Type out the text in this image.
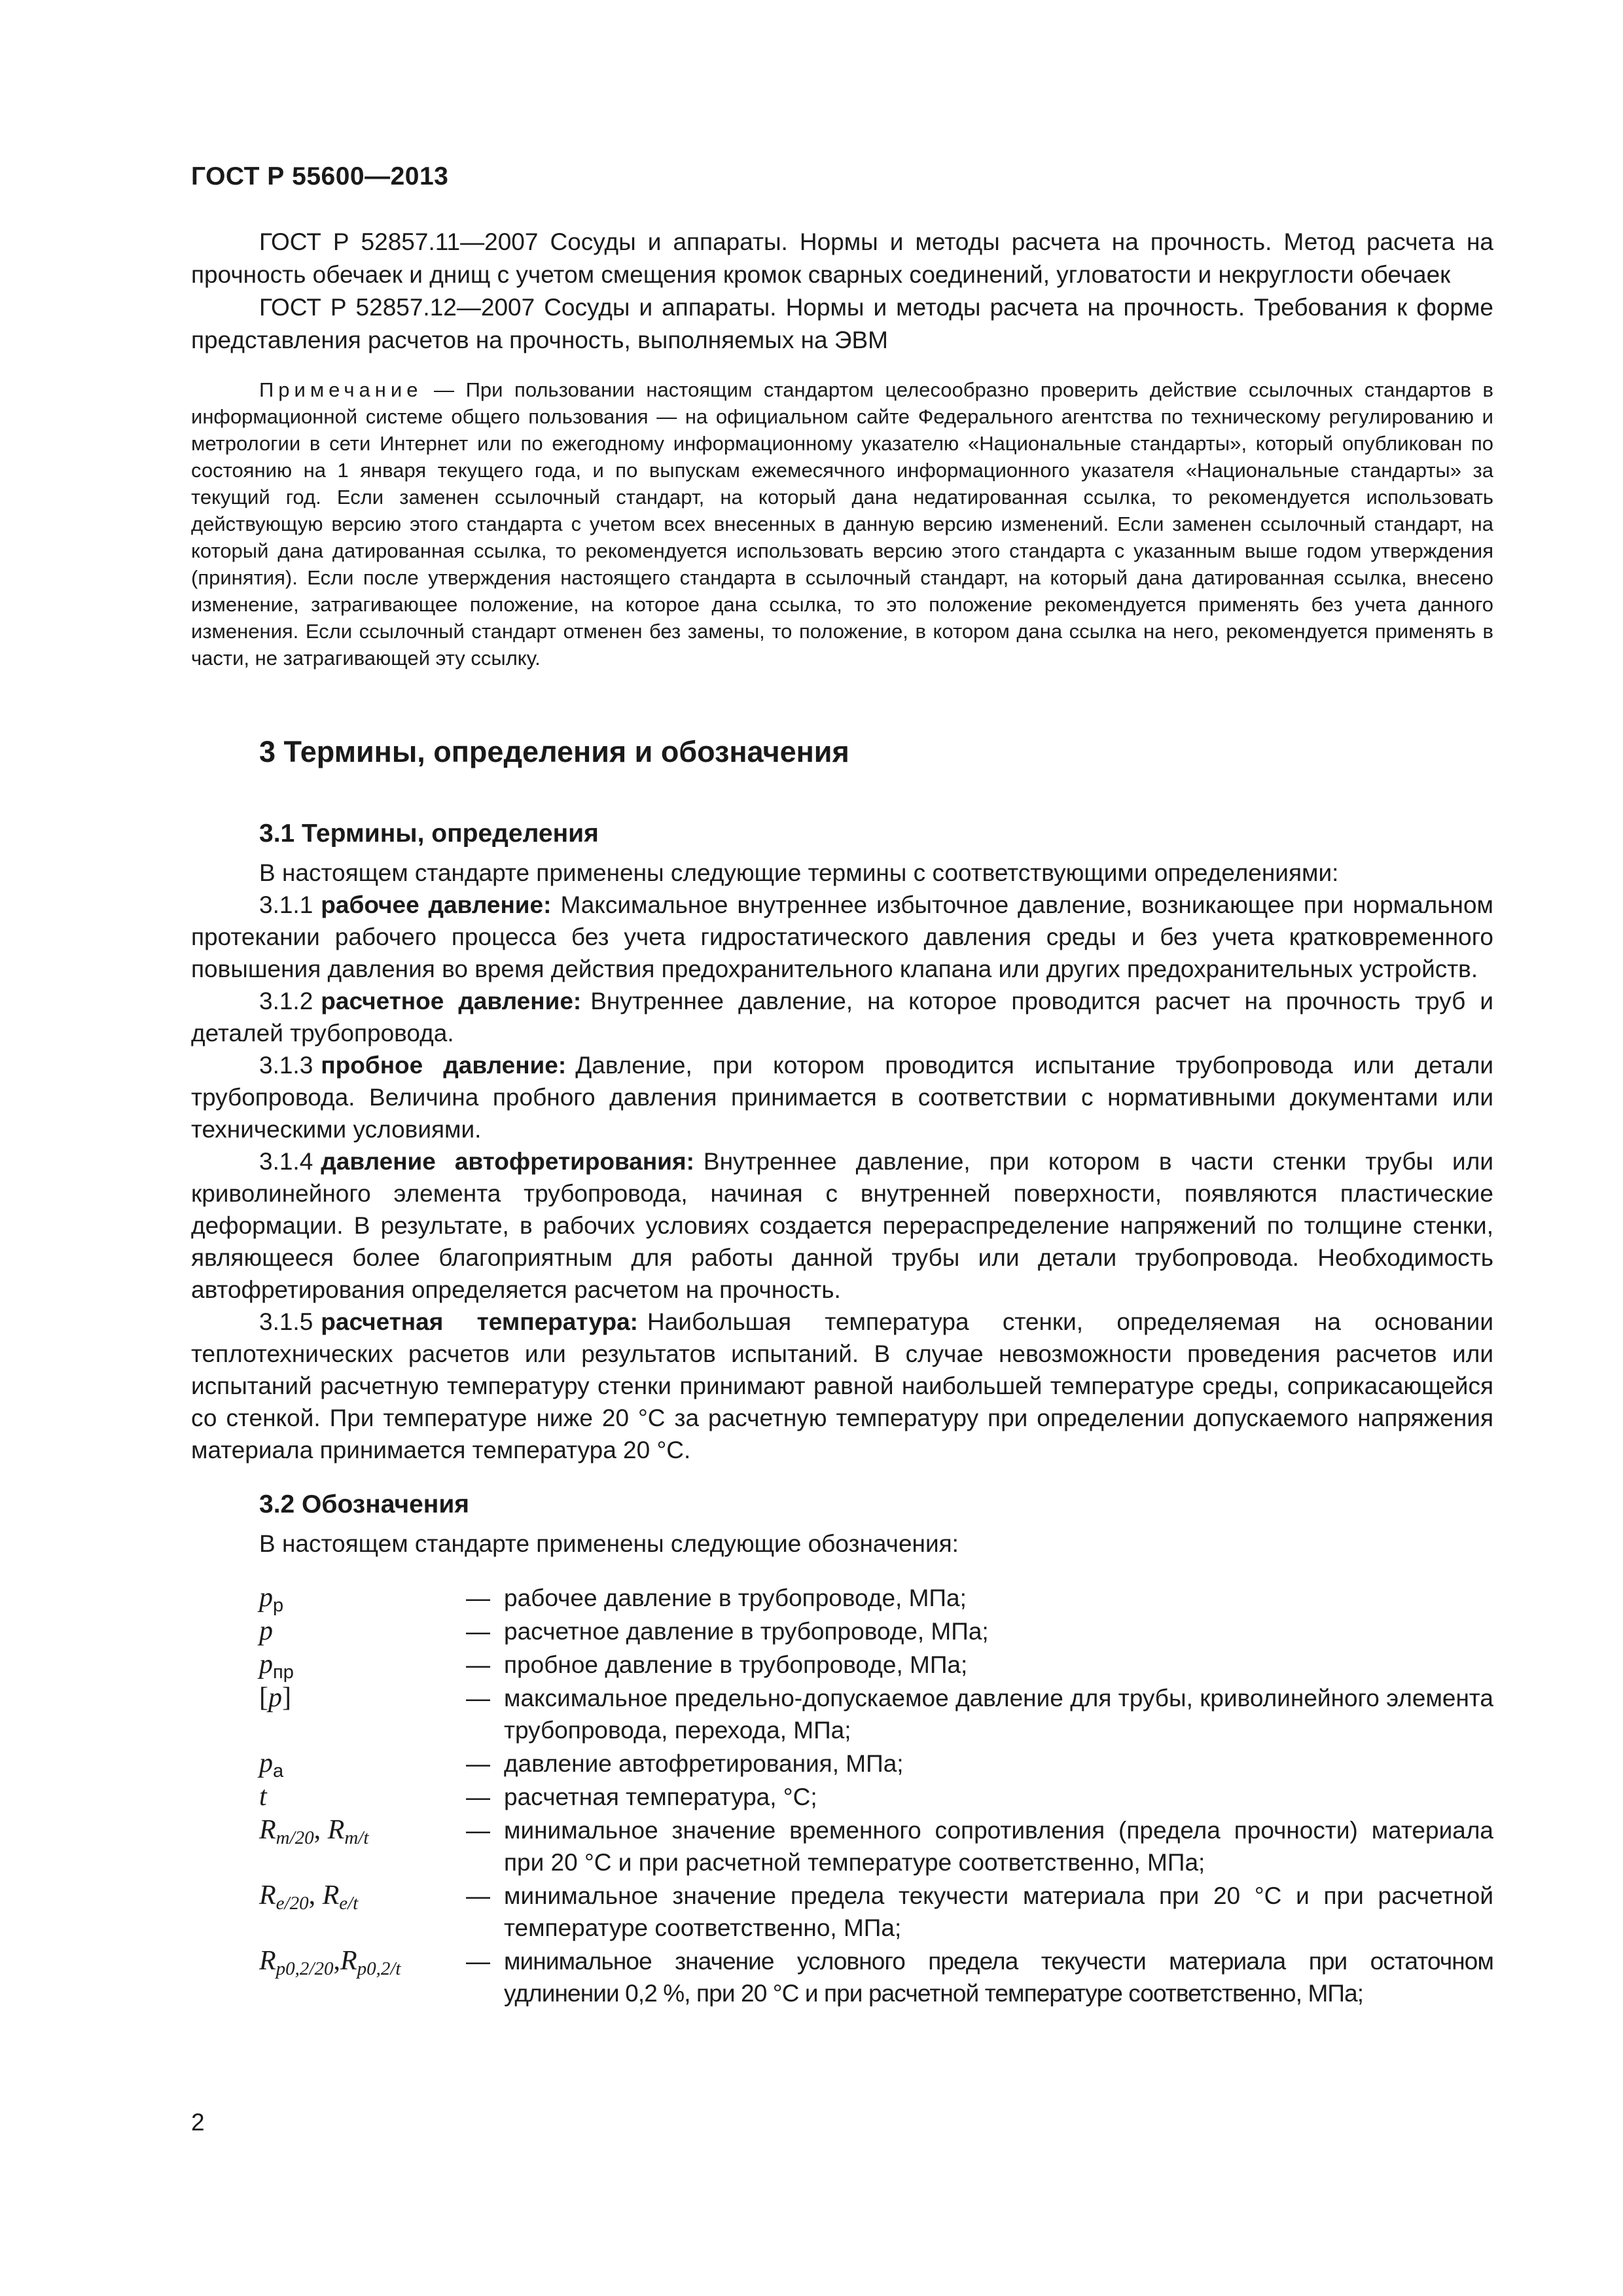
ГОСТ Р 55600—2013

ГОСТ Р 52857.11—2007 Сосуды и аппараты. Нормы и методы расчета на прочность. Метод расчета на прочность обечаек и днищ с учетом смещения кромок сварных соединений, угловатости и некруглости обечаек

ГОСТ Р 52857.12—2007 Сосуды и аппараты. Нормы и методы расчета на прочность. Требования к форме представления расчетов на прочность, выполняемых на ЭВМ

Примечание — При пользовании настоящим стандартом целесообразно проверить действие ссылочных стандартов в информационной системе общего пользования — на официальном сайте Федерального агентства по техническому регулированию и метрологии в сети Интернет или по ежегодному информационному указателю «Национальные стандарты», который опубликован по состоянию на 1 января текущего года, и по выпускам ежемесячного информационного указателя «Национальные стандарты» за текущий год. Если заменен ссылочный стандарт, на который дана недатированная ссылка, то рекомендуется использовать действующую версию этого стандарта с учетом всех внесенных в данную версию изменений. Если заменен ссылочный стандарт, на который дана датированная ссылка, то рекомендуется использовать версию этого стандарта с указанным выше годом утверждения (принятия). Если после утверждения настоящего стандарта в ссылочный стандарт, на который дана датированная ссылка, внесено изменение, затрагивающее положение, на которое дана ссылка, то это положение рекомендуется применять без учета данного изменения. Если ссылочный стандарт отменен без замены, то положение, в котором дана ссылка на него, рекомендуется применять в части, не затрагивающей эту ссылку.

3 Термины, определения и обозначения
3.1 Термины, определения

В настоящем стандарте применены следующие термины с соответствующими определениями:

3.1.1 рабочее давление: Максимальное внутреннее избыточное давление, возникающее при нормальном протекании рабочего процесса без учета гидростатического давления среды и без учета кратковременного повышения давления во время действия предохранительного клапана или других предохранительных устройств.

3.1.2 расчетное давление: Внутреннее давление, на которое проводится расчет на прочность труб и деталей трубопровода.

3.1.3 пробное давление: Давление, при котором проводится испытание трубопровода или детали трубопровода. Величина пробного давления принимается в соответствии с нормативными документами или техническими условиями.

3.1.4 давление автофретирования: Внутреннее давление, при котором в части стенки трубы или криволинейного элемента трубопровода, начиная с внутренней поверхности, появляются пластические деформации. В результате, в рабочих условиях создается перераспределение напряжений по толщине стенки, являющееся более благоприятным для работы данной трубы или детали трубопровода. Необходимость автофретирования определяется расчетом на прочность.

3.1.5 расчетная температура: Наибольшая температура стенки, определяемая на основании теплотехнических расчетов или результатов испытаний. В случае невозможности проведения расчетов или испытаний расчетную температуру стенки принимают равной наибольшей температуре среды, соприкасающейся со стенкой. При температуре ниже 20 °С за расчетную температуру при определении допускаемого напряжения материала принимается температура 20 °С.

3.2 Обозначения

В настоящем стандарте применены следующие обозначения:

$p_р$	— рабочее давление в трубопроводе, МПа;
p	— расчетное давление в трубопроводе, МПа;
$p_{пр}$	— пробное давление в трубопроводе, МПа;
[p]	— максимальное предельно-допускаемое давление для трубы, криволинейного элемента трубопровода, перехода, МПа;
$p_а$	— давление автофретирования, МПа;
t	— расчетная температура, °С;
$R_{m/20}$, $R_{m/t}$	— минимальное значение временного сопротивления (предела прочности) материала при 20 °С и при расчетной температуре соответственно, МПа;
$R_{e/20}$, $R_{e/t}$	— минимальное значение предела текучести материала при 20 °С и при расчетной температуре соответственно, МПа;
$R_{p0,2/20},R_{p0,2/t}$	— минимальное значение условного предела текучести материала при остаточном удлинении 0,2 %, при 20 °С и при расчетной температуре соответственно, МПа;
2
